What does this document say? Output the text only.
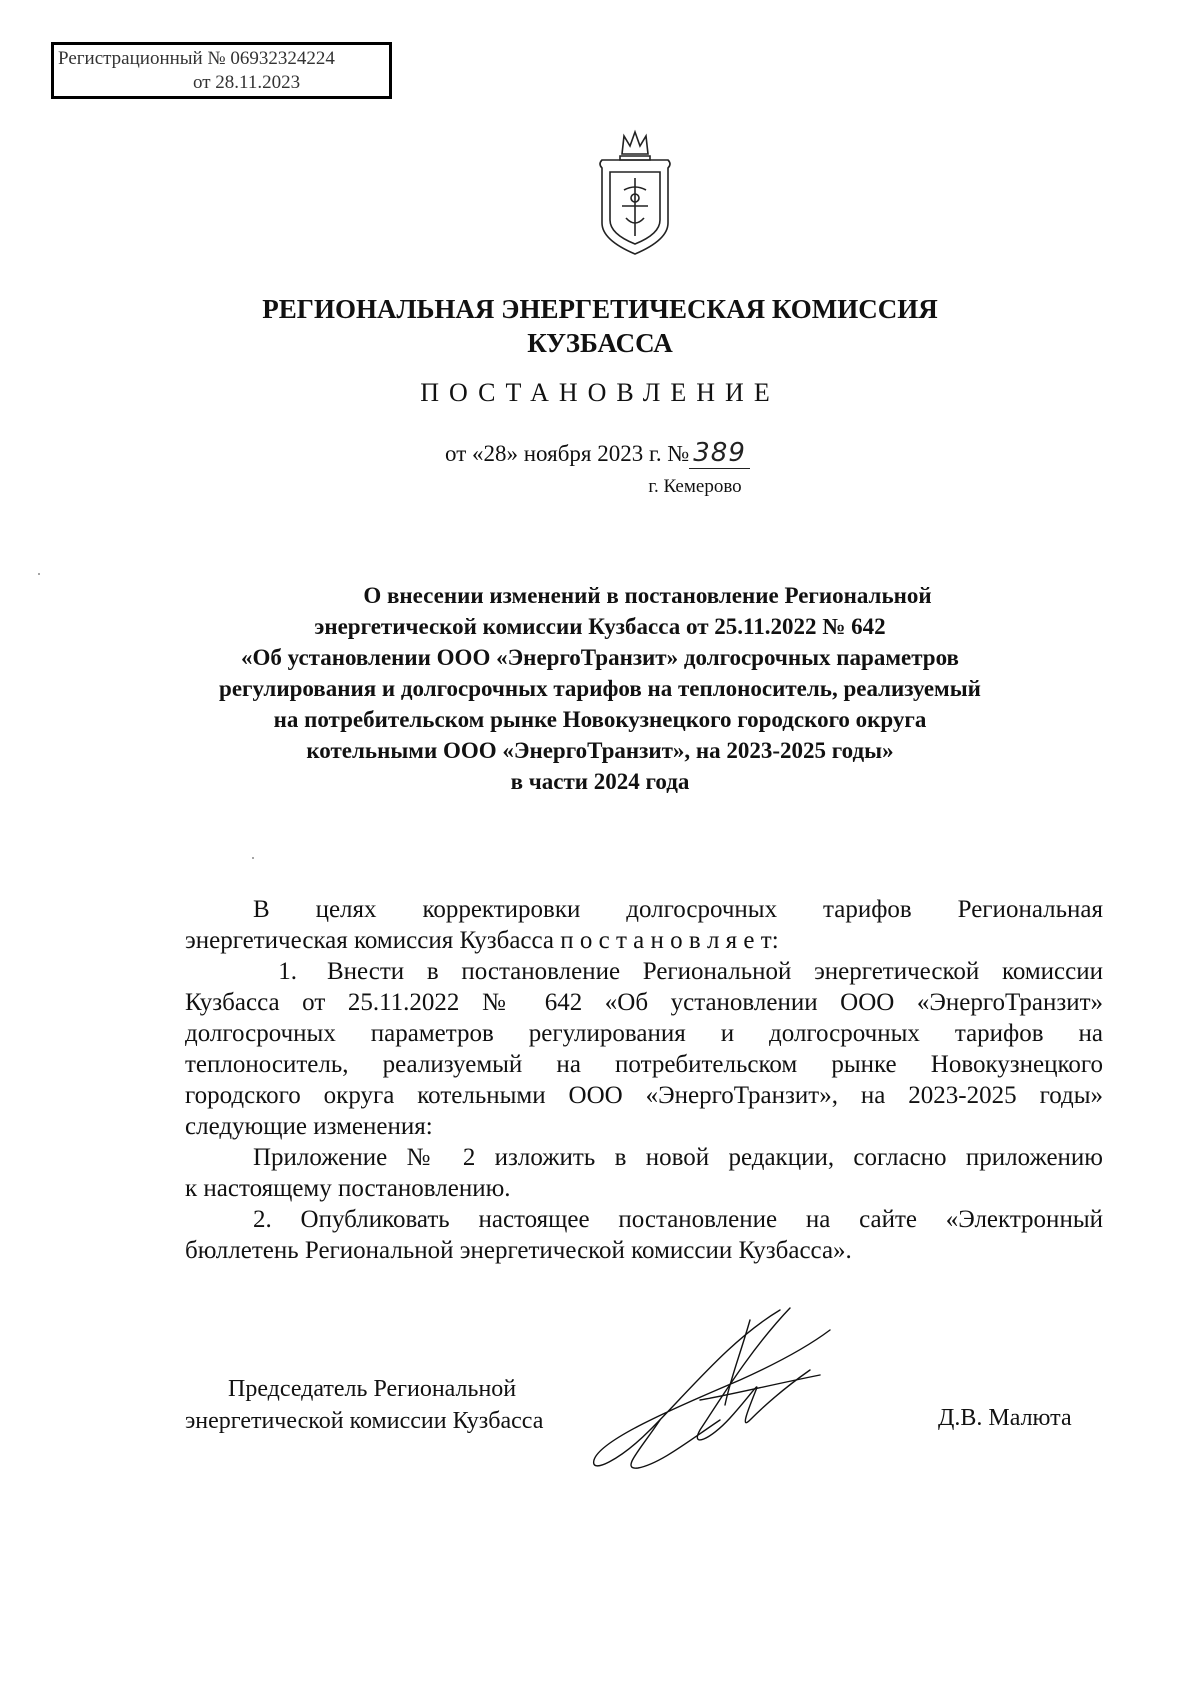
Регистрационный № 06932324224
от 28.11.2023
РЕГИОНАЛЬНАЯ ЭНЕРГЕТИЧЕСКАЯ КОМИССИЯ
КУЗБАССА
ПОСТАНОВЛЕНИЕ
от «28» ноября 2023 г. № 389
г. Кемерово
О внесении изменений в постановление Региональной
энергетической комиссии Кузбасса от 25.11.2022 № 642
«Об установлении ООО «ЭнергоТранзит» долгосрочных параметров
регулирования и долгосрочных тарифов на теплоноситель, реализуемый
на потребительском рынке Новокузнецкого городского округа
котельными ООО «ЭнергоТранзит», на 2023-2025 годы»
в части 2024 года
В целях корректировки долгосрочных тарифов Региональная
энергетическая комиссия Кузбасса п о с т а н о в л я е т:
1.	Внести в постановление Региональной энергетической комиссии
Кузбасса от 25.11.2022 № 642 «Об установлении ООО «ЭнергоТранзит»
долгосрочных параметров регулирования и долгосрочных тарифов на
теплоноситель, реализуемый на потребительском рынке Новокузнецкого
городского округа котельными ООО «ЭнергоТранзит», на 2023-2025 годы»
следующие изменения:
Приложение № 2 изложить в новой редакции, согласно приложению
к настоящему постановлению.
2. Опубликовать настоящее постановление на сайте «Электронный
бюллетень Региональной энергетической комиссии Кузбасса».
Председатель Региональной
энергетической комиссии Кузбасса	Д.В. Малюта
